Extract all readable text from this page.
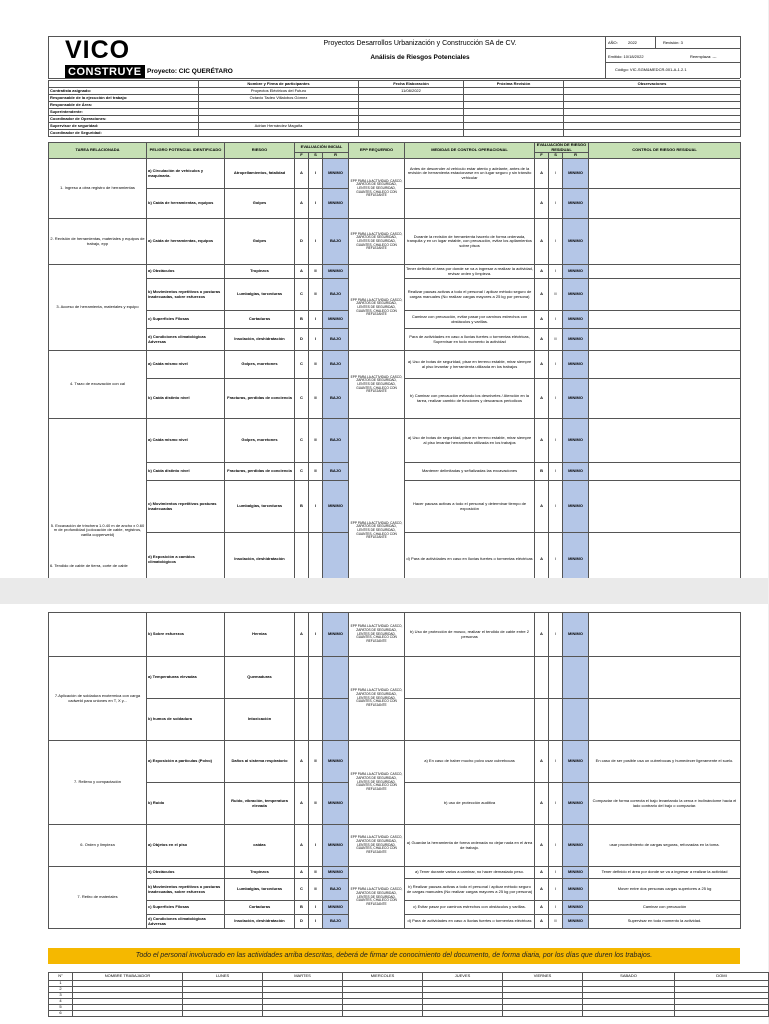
VICO
CONSTRUYE
Proyectos Desarrollos Urbanización y Construcción SA de CV.
Análisis de Riesgos Potenciales
Proyecto: CIC QUERÉTARO
AÑO:	2022	Revisión: 3
Emitido: 10/18/2022	Reemplaza: ---
Código: VIC-SGM&MEDCR-001-A-1.2.1
	Nombre y Firma de participantes	Fecha Elaboración	Próxima Revisión	Observaciones
Contratista asignado:	Proyectos Eléctricos del Futuro	11/08/2022		
Responsable de la ejecución del trabajo:	Octavio Tadeo Villalobos Gómez			
Responsable de Área:				
Superintendente:				
Coordinador de Operaciones:				
Supervisor de seguridad:	Adrian Hernández Magaña			
Coordinador de Seguridad:				
TAREA RELACIONADA	PELIGRO POTENCIAL IDENTIFICADO	RIESGO	EVALUACIÓN INICIAL			EPP REQUERIDO	MEDIDAS DE CONTROL OPERACIONAL	EVALUACIÓN DE RIESGO RESIDUAL			CONTROL DE RIESGO RESIDUAL
			F	S	R			F	S	R	
1. Ingreso a obra registro de herramientas	a) Circulación de vehículos y maquinaria.	Atropellamientos, fatalidad	A	I	MINIMO	EPP PARA LA ACTIVIDAD: CASCO, ZAPATOS DE SEGURIDAD, LENTES DE SEGURIDAD, GUANTES, CHALECO CON REFLEJANTE	Antes de descender al vehículo estar atento y adelante, antes de la revisión de herramienta estacionarse en un lugar seguro y sin tránsito vehicular	A	I	MINIMO	
	b) Caída de herramientas, equipos	Golpes	A	I	MINIMO			A	I	MINIMO	
2. Revisión de herramientas, materiales y equipos de trabajo, epp	a) Caída de herramientas, equipos	Golpes	D	I	BAJO	EPP PARA LA ACTIVIDAD: CASCO, ZAPATOS DE SEGURIDAD, LENTES DE SEGURIDAD, GUANTES, CHALECO CON REFLEJANTE	Durante la revisión de herramienta hacerlo de forma ordenada, tranquila y en un lugar estable, con precaución, evitar los apilamientos sobre pisos	A	I	MINIMO	
3. Acceso de herramienta, materiales y equipo	a) Obstáculos	Tropiezos	A	II	MINIMO	EPP PARA LA ACTIVIDAD: CASCO, ZAPATOS DE SEGURIDAD, LENTES DE SEGURIDAD, GUANTES, CHALECO CON REFLEJANTE	Tener definido el área por donde se va a ingresar a realizar la actividad, revisar orden y limpieza.	A	I	MINIMO	
	b) Movimientos repetitivos o posturas inadecuadas, sobre esfuerzos	Lumbalgias, torceduras	C	II	BAJO		Realizar pausas activas a todo el personal / aplicar método seguro de cargas manuales (No realizar cargas mayores a 25 kg por persona)	A	II	MINIMO	
	c) Superficies Filosas	Cortaduras	B	I	MINIMO		Caminar con precaución, evitar pasar por caminos estrechos con obstáculos y varillas.	A	I	MINIMO	
	d) Condiciones climatológicas Adversas	Insolación, deshidratación	D	I	BAJO		Para de actividades en caso a lluvias fuertes o tormentas eléctricas, Supervisar en todo momento la actividad	A	II	MINIMO	
4. Trazo de excavación con cal	a) Caída mismo nivel	Golpes, moretones	C	II	BAJO	EPP PARA LA ACTIVIDAD: CASCO, ZAPATOS DE SEGURIDAD, LENTES DE SEGURIDAD, GUANTES, CHALECO CON REFLEJANTE	a) Uso de botas de seguridad, pisar en terreno estable, mirar siempre al piso levantar y herramienta utilizada en los trabajos	A	I	MINIMO	
	b) Caída distinto nivel	Fracturas, perdidas de conciencia	C	II	BAJO		b) Caminar con precaución evitando los desniveles / Atención en la tarea, realizar cambio de funciones y descansos periodicos	A	I	MINIMO	
5. Excavación de trinchera 1.0.40 m de ancho x 0.60 m de profundidad (colocación de cable, registros, varilla copperweld)	a) Caída mismo nivel	Golpes, moretones	C	II	BAJO	EPP PARA LA ACTIVIDAD: CASCO, ZAPATOS DE SEGURIDAD, LENTES DE SEGURIDAD, GUANTES, CHALECO CON REFLEJANTE	a) Uso de botas de seguridad, pisar en terreno estable, mirar siempre al piso levantar herramienta utilizada en los trabajos	A	I	MINIMO	
	b) Caída distinto nivel	Fracturas, perdidas de conciencia	C	II	BAJO		Mantener delimitadas y señalizadas las excavaciones	B	I	MINIMO	
	c) Movimientos repetitivos posturas inadecuadas	Lumbalgias, torceduras	B	I	MINIMO		Hacer pausas activas a todo el personal y determinar tiempo de exposición	A	I	MINIMO	
	d) Exposición a cambios climatológicos	Insolación, deshidratación					d) Para de actividades en caso en lluvias fuertes o tormentas eléctricas	A	I	MINIMO	

6. Tendido de cable de tierra, corte de cable
	b) Sobre esfuerzos	Hernias	A	I	MINIMO	EPP PARA LA ACTIVIDAD: CASCO, ZAPATOS DE SEGURIDAD, LENTES DE SEGURIDAD, GUANTES, CHALECO CON REFLEJANTE	b) Uso de protección de mosco, realizar el tendido de cable entre 2 personas	A	I	MINIMO	
7.Aplicación de soldadura exotermica con carga cadweld para uniones en T, X y...	a) Temperaturas elevadas	Quemaduras				EPP PARA LA ACTIVIDAD: CASCO, ZAPATOS DE SEGURIDAD, LENTES DE SEGURIDAD, GUANTES, CHALECO CON REFLEJANTE					
	b) humos de soldadura	Intoxicación									
7. Relleno y compactación	a) Exposición a partículas (Polvo)	Daños al sistema respiratorio	A	II	MINIMO	EPP PARA LA ACTIVIDAD: CASCO, ZAPATOS DE SEGURIDAD, LENTES DE SEGURIDAD, GUANTES, CHALECO CON REFLEJANTE	a) En caso de haber mucho polvo usar cubrebocas	A	I	MINIMO	En caso de ser posible usa un cubrebocas y humedecer ligeramente el suelo.
	b) Ruido	Ruido, vibración, temperatura elevada	A	II	MINIMO		b) uso de protección auditiva	A	I	MINIMO	Compactar de forma correcta el bajo levantando la cerca e inclinándome hacia el lado contrario del bajo o compactar.
6. Orden y limpieza	a) Objetos en el piso	caídas	A	I	MINIMO	EPP PARA LA ACTIVIDAD: CASCO, ZAPATOS DE SEGURIDAD, LENTES DE SEGURIDAD, GUANTES, CHALECO CON REFLEJANTE	a) Guardar la herramienta de forma ordenada no dejar nada en el área de trabajo.	A	I	MINIMO	usar procedimiento de cargas seguras, reforzadas en la toma.
7. Retiro de materiales	a) Obstáculos	Tropiezos	A	II	MINIMO	EPP PARA LA ACTIVIDAD: CASCO, ZAPATOS DE SEGURIDAD, LENTES DE SEGURIDAD, GUANTES, CHALECO CON REFLEJANTE	a) Tener durante varios a caminar, no hacer demasiado peso.	A	I	MINIMO	Tener definido el área por donde se va a ingresar a realizar la actividad
	b) Movimientos repetitivos o posturas inadecuadas, sobre esfuerzos	Lumbalgias, torceduras	C	II	BAJO		b) Realizar pausas activas a todo el personal / aplicar método seguro de cargas manuales (No realizar cargas mayores a 25 kg por persona)	A	I	MINIMO	Mover entre dos personas cargas superiores a 25 kg
	c) Superficies Filosas	Cortaduras	B	I	MINIMO		c) Evitar pasar por caminos estrechos con obstáculos y varillas.	A	I	MINIMO	Caminar con precaución
	d) Condiciones climatológicas Adversas	Insolación, deshidratación	D	I	BAJO		d) Para de actividades en caso a lluvias fuertes o tormentas eléctricas	A	II	MINIMO	Supervisar en todo momento la actividad.
Todo el personal involucrado en las actividades arriba descritas, deberá de firmar de conocimiento del documento, de forma diaria, por los días que duren los trabajos.
N°	NOMBRE TRABAJADOR	LUNES	MARTES	MIERCOLES	JUEVES	VIERNES	SABADO	DOMI
1								
2								
3								
4								
5								
6								
